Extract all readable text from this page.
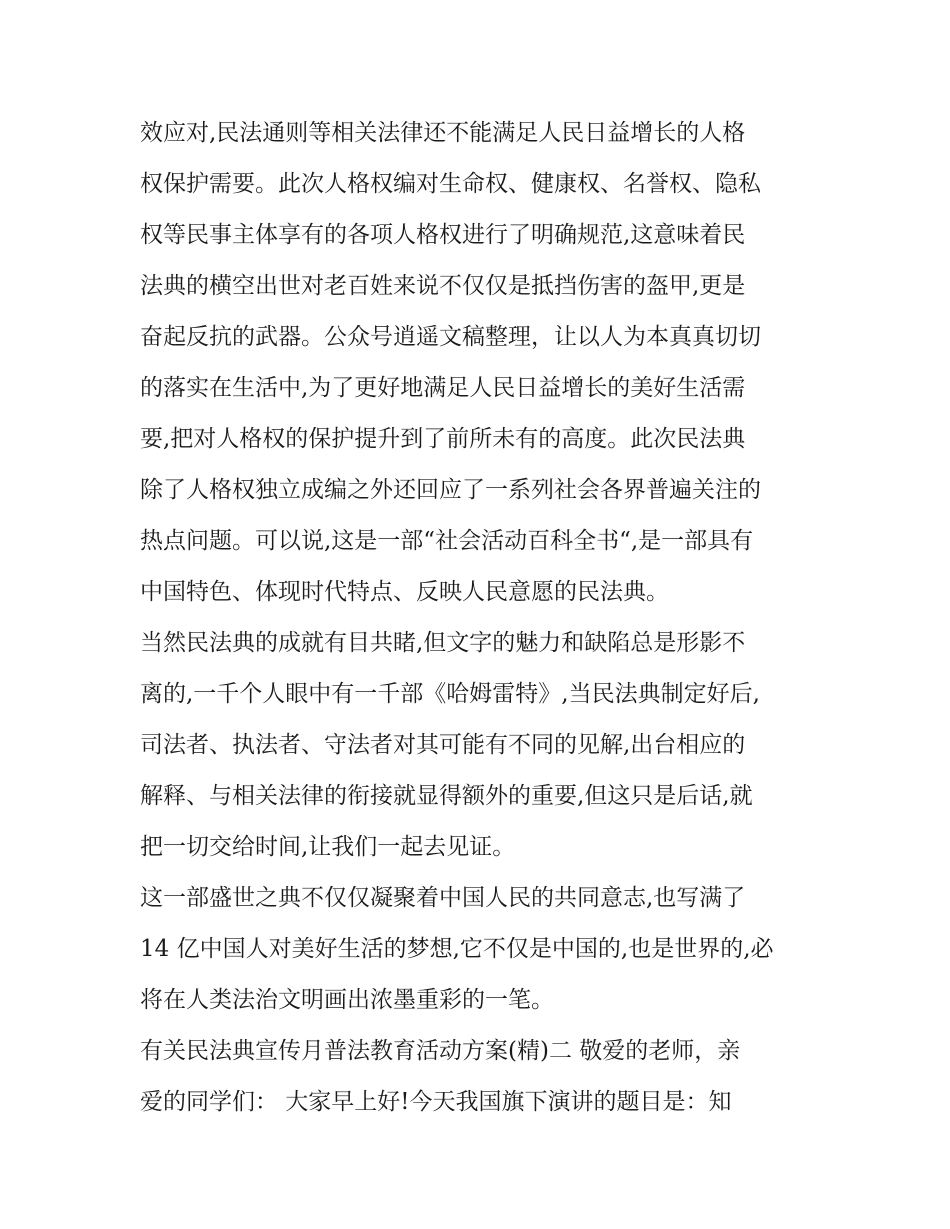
效应对,民法通则等相关法律还不能满足人民日益增长的人格
权保护需要。此次人格权编对生命权、健康权、名誉权、隐私
权等民事主体享有的各项人格权进行了明确规范,这意味着民
法典的横空出世对老百姓来说不仅仅是抵挡伤害的盔甲,更是
奋起反抗的武器。公众号逍遥文稿整理，让以人为本真真切切
的落实在生活中,为了更好地满足人民日益增长的美好生活需
要,把对人格权的保护提升到了前所未有的高度。此次民法典
除了人格权独立成编之外还回应了一系列社会各界普遍关注的
热点问题。可以说,这是一部“社会活动百科全书“,是一部具有
中国特色、体现时代特点、反映人民意愿的民法典。
当然民法典的成就有目共睹,但文字的魅力和缺陷总是形影不
离的,一千个人眼中有一千部《哈姆雷特》,当民法典制定好后,
司法者、执法者、守法者对其可能有不同的见解,出台相应的
解释、与相关法律的衔接就显得额外的重要,但这只是后话,就
把一切交给时间,让我们一起去见证。
这一部盛世之典不仅仅凝聚着中国人民的共同意志,也写满了
14 亿中国人对美好生活的梦想,它不仅是中国的,也是世界的,必
将在人类法治文明画出浓墨重彩的一笔。
有关民法典宣传月普法教育活动方案(精)二 敬爱的老师，亲
爱的同学们： 大家早上好!今天我国旗下演讲的题目是：知
